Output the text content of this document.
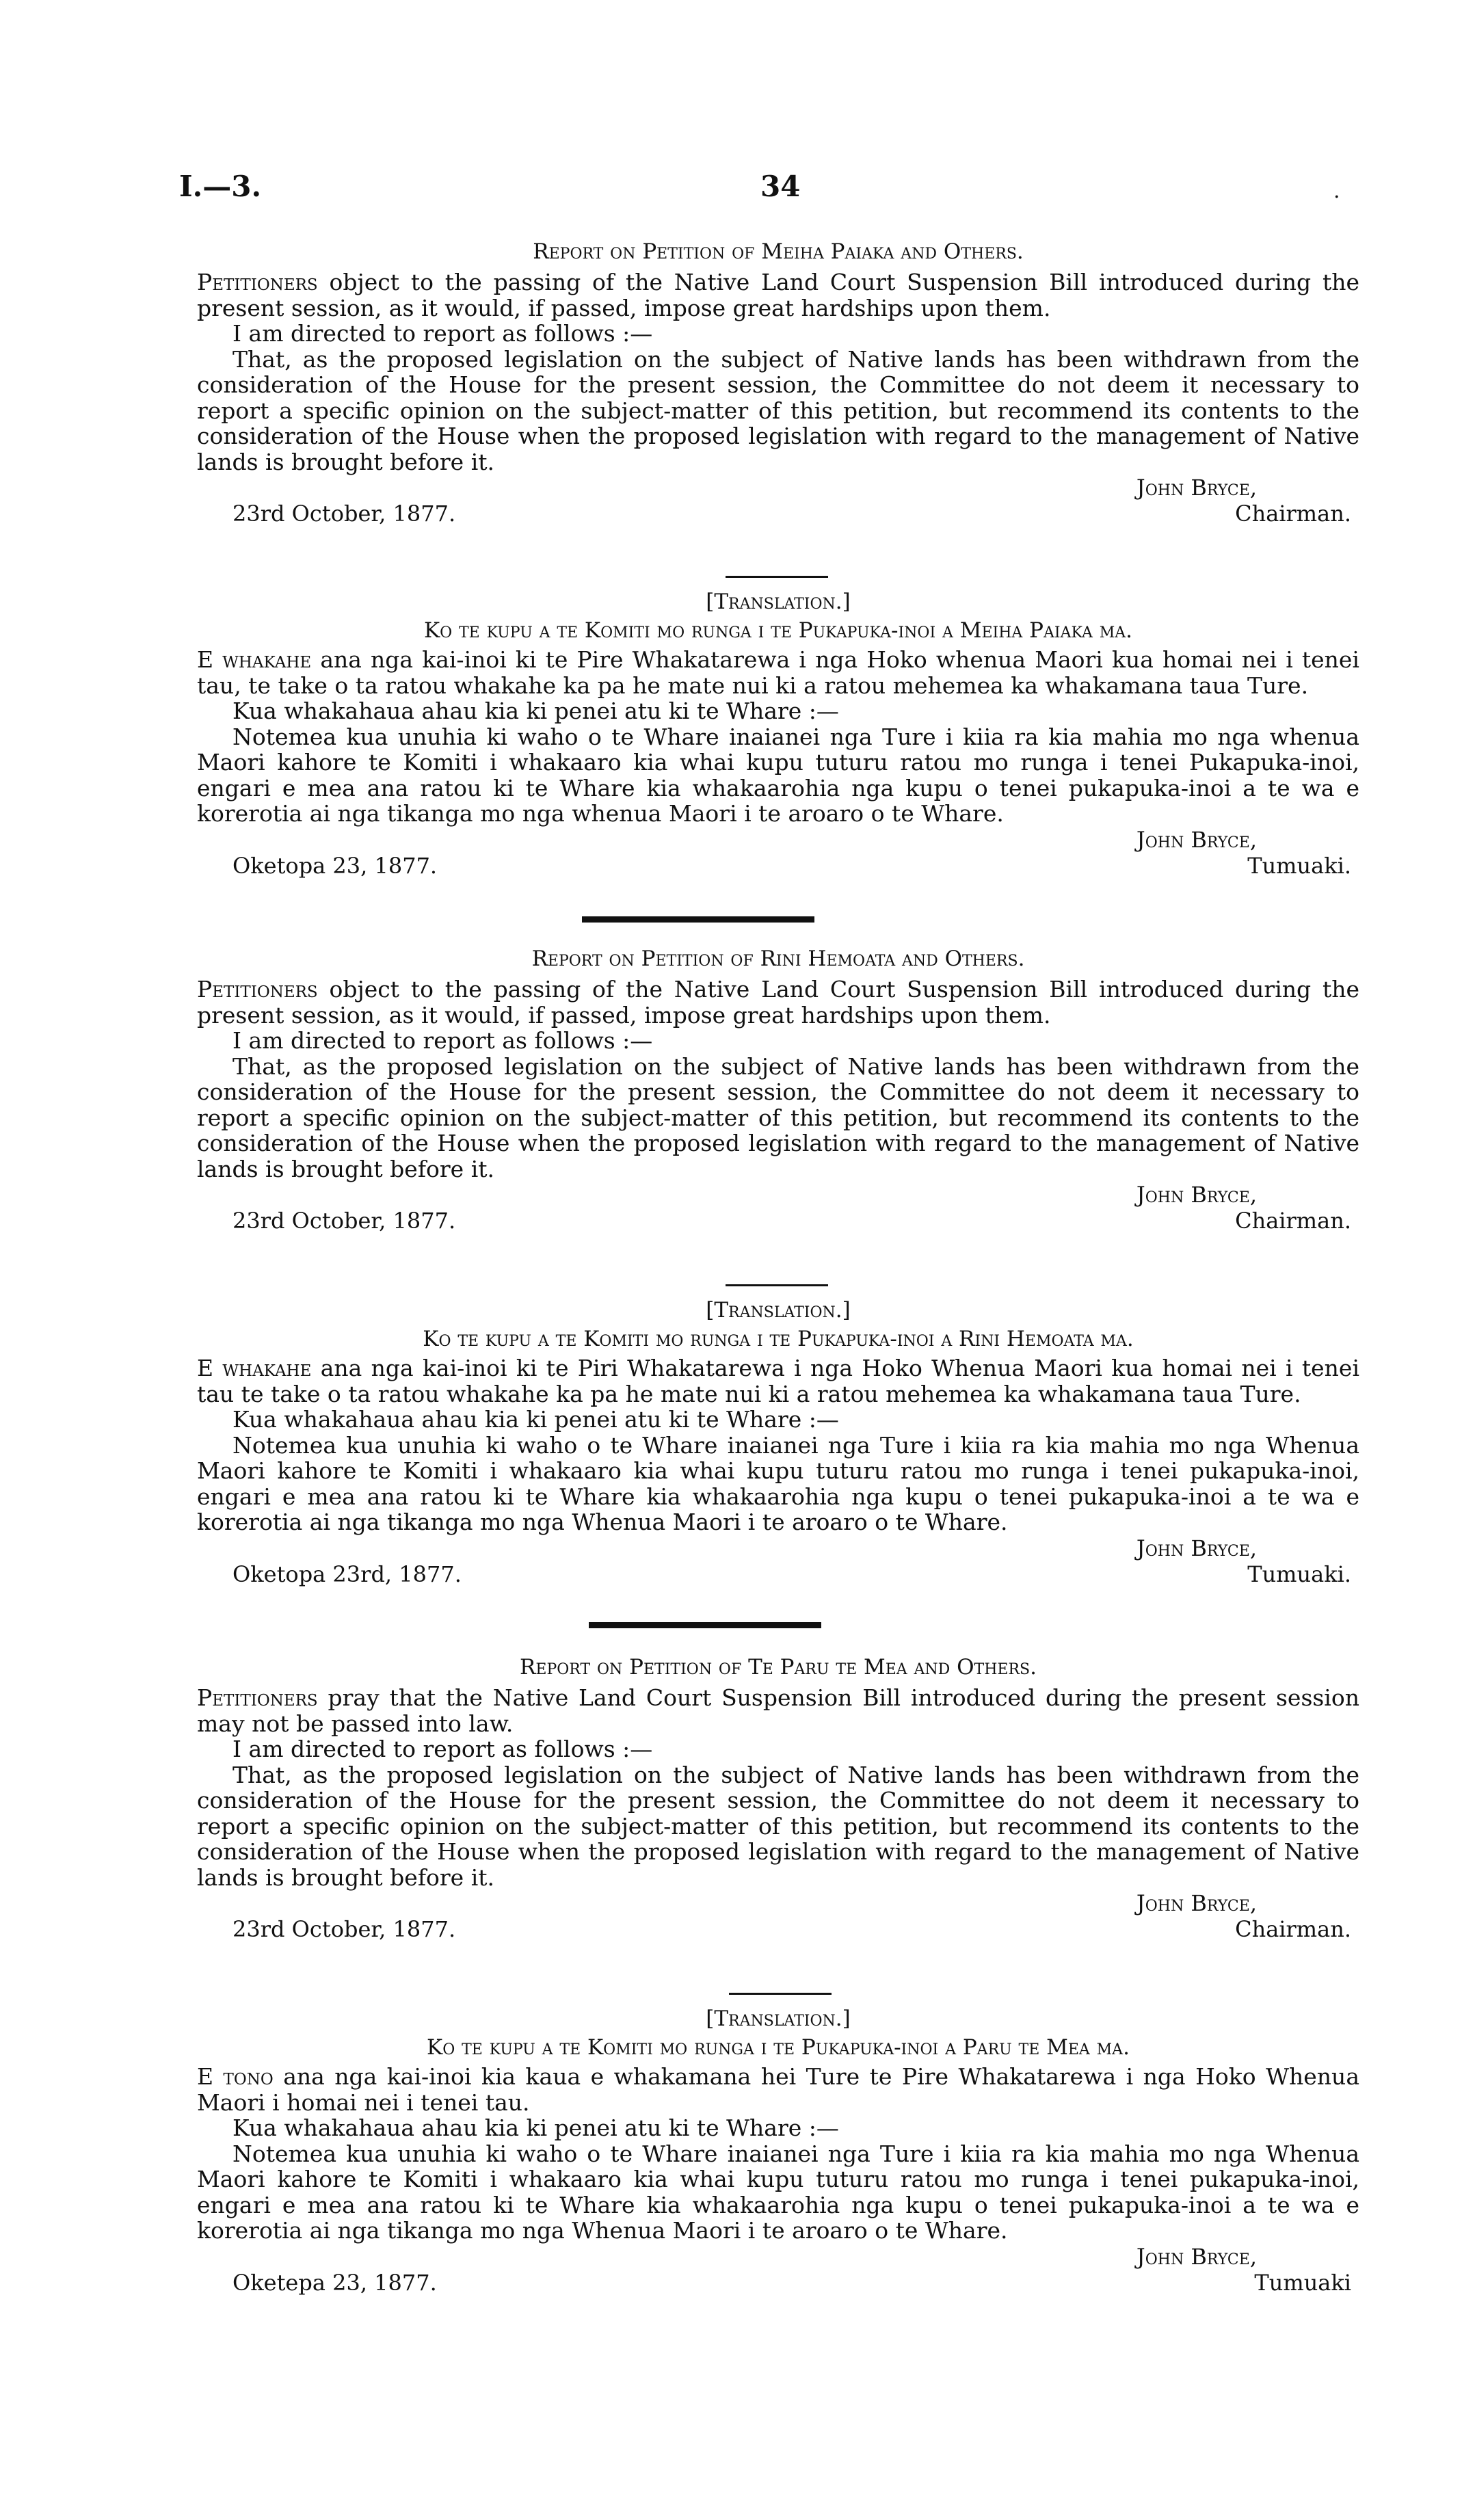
I.—3.	34	.
Report on Petition of Meiha Paiaka and Others.
Petitioners object to the passing of the Native Land Court Suspension Bill introduced during the present session, as it would, if passed, impose great hardships upon them.
I am directed to report as follows :—
That, as the proposed legislation on the subject of Native lands has been withdrawn from the consideration of the House for the present session, the Committee do not deem it necessary to report a specific opinion on the subject-matter of this petition, but recommend its contents to the consideration of the House when the proposed legislation with regard to the management of Native lands is brought before it.
John Bryce,
23rd October, 1877.	Chairman.
[Translation.]
Ko te kupu a te Komiti mo runga i te Pukapuka-inoi a Meiha Paiaka ma.
E whakahe ana nga kai-inoi ki te Pire Whakatarewa i nga Hoko whenua Maori kua homai nei i tenei tau, te take o ta ratou whakahe ka pa he mate nui ki a ratou mehemea ka whakamana taua Ture.
Kua whakahaua ahau kia ki penei atu ki te Whare :—
Notemea kua unuhia ki waho o te Whare inaianei nga Ture i kiia ra kia mahia mo nga whenua Maori kahore te Komiti i whakaaro kia whai kupu tuturu ratou mo runga i tenei Pukapuka-inoi, engari e mea ana ratou ki te Whare kia whakaarohia nga kupu o tenei pukapuka-inoi a te wa e korerotia ai nga tikanga mo nga whenua Maori i te aroaro o te Whare.
John Bryce,
Oketopa 23, 1877.	Tumuaki.
Report on Petition of Rini Hemoata and Others.
Petitioners object to the passing of the Native Land Court Suspension Bill introduced during the present session, as it would, if passed, impose great hardships upon them.
I am directed to report as follows :—
That, as the proposed legislation on the subject of Native lands has been withdrawn from the consideration of the House for the present session, the Committee do not deem it necessary to report a specific opinion on the subject-matter of this petition, but recommend its contents to the consideration of the House when the proposed legislation with regard to the management of Native lands is brought before it.
John Bryce,
23rd October, 1877.	Chairman.
[Translation.]
Ko te kupu a te Komiti mo runga i te Pukapuka-inoi a Rini Hemoata ma.
E whakahe ana nga kai-inoi ki te Piri Whakatarewa i nga Hoko Whenua Maori kua homai nei i tenei tau te take o ta ratou whakahe ka pa he mate nui ki a ratou mehemea ka whakamana taua Ture.
Kua whakahaua ahau kia ki penei atu ki te Whare :—
Notemea kua unuhia ki waho o te Whare inaianei nga Ture i kiia ra kia mahia mo nga Whenua Maori kahore te Komiti i whakaaro kia whai kupu tuturu ratou mo runga i tenei pukapuka-inoi, engari e mea ana ratou ki te Whare kia whakaarohia nga kupu o tenei pukapuka-inoi a te wa e korerotia ai nga tikanga mo nga Whenua Maori i te aroaro o te Whare.
John Bryce,
Oketopa 23rd, 1877.	Tumuaki.
Report on Petition of Te Paru te Mea and Others.
Petitioners pray that the Native Land Court Suspension Bill introduced during the present session may not be passed into law.
I am directed to report as follows :—
That, as the proposed legislation on the subject of Native lands has been withdrawn from the consideration of the House for the present session, the Committee do not deem it necessary to report a specific opinion on the subject-matter of this petition, but recommend its contents to the consideration of the House when the proposed legislation with regard to the management of Native lands is brought before it.
John Bryce,
23rd October, 1877.	Chairman.
[Translation.]
Ko te kupu a te Komiti mo runga i te Pukapuka-inoi a Paru te Mea ma.
E tono ana nga kai-inoi kia kaua e whakamana hei Ture te Pire Whakatarewa i nga Hoko Whenua Maori i homai nei i tenei tau.
Kua whakahaua ahau kia ki penei atu ki te Whare :—
Notemea kua unuhia ki waho o te Whare inaianei nga Ture i kiia ra kia mahia mo nga Whenua Maori kahore te Komiti i whakaaro kia whai kupu tuturu ratou mo runga i tenei pukapuka-inoi, engari e mea ana ratou ki te Whare kia whakaarohia nga kupu o tenei pukapuka-inoi a te wa e korerotia ai nga tikanga mo nga Whenua Maori i te aroaro o te Whare.
John Bryce,
Oketepa 23, 1877.	Tumuaki
